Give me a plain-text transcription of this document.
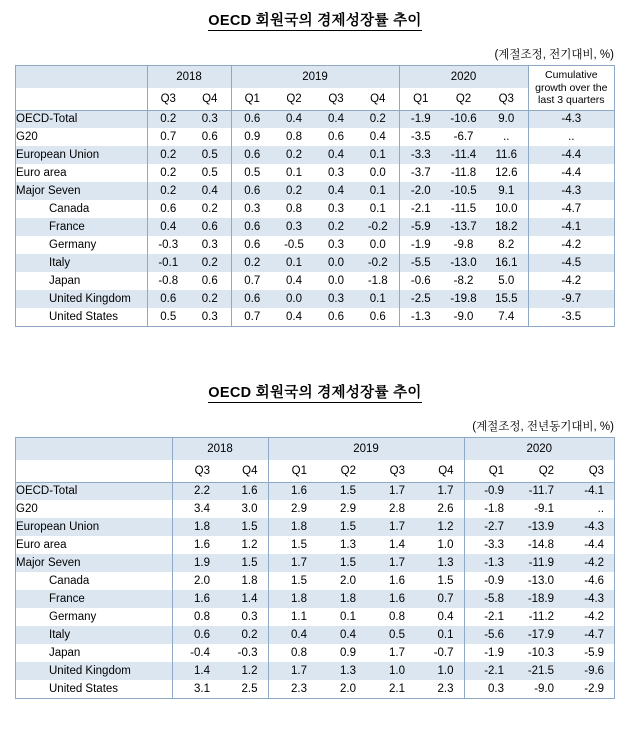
OECD 회원국의 경제성장률 추이
(계절조정, 전기대비, %)
	2018		2019				2020			Cumulative
growth over the
last 3 quarters

	Q3	Q4	Q1	Q2	Q3	Q4	Q1	Q2	Q3	
OECD-Total	0.2	0.3	0.6	0.4	0.4	0.2	-1.9	-10.6	9.0	-4.3
G20	0.7	0.6	0.9	0.8	0.6	0.4	-3.5	-6.7	..	..
European Union	0.2	0.5	0.6	0.2	0.4	0.1	-3.3	-11.4	11.6	-4.4
Euro area	0.2	0.5	0.5	0.1	0.3	0.0	-3.7	-11.8	12.6	-4.4
Major Seven	0.2	0.4	0.6	0.2	0.4	0.1	-2.0	-10.5	9.1	-4.3
Canada	0.6	0.2	0.3	0.8	0.3	0.1	-2.1	-11.5	10.0	-4.7
France	0.4	0.6	0.6	0.3	0.2	-0.2	-5.9	-13.7	18.2	-4.1
Germany	-0.3	0.3	0.6	-0.5	0.3	0.0	-1.9	-9.8	8.2	-4.2
Italy	-0.1	0.2	0.2	0.1	0.0	-0.2	-5.5	-13.0	16.1	-4.5
Japan	-0.8	0.6	0.7	0.4	0.0	-1.8	-0.6	-8.2	5.0	-4.2
United Kingdom	0.6	0.2	0.6	0.0	0.3	0.1	-2.5	-19.8	15.5	-9.7
United States	0.5	0.3	0.7	0.4	0.6	0.6	-1.3	-9.0	7.4	-3.5
OECD 회원국의 경제성장률 추이
(계절조정, 전년동기대비, %)
	2018		2019				2020		
	Q3	Q4	Q1	Q2	Q3	Q4	Q1	Q2	Q3
OECD-Total	2.2	1.6	1.6	1.5	1.7	1.7	-0.9	-11.7	-4.1
G20	3.4	3.0	2.9	2.9	2.8	2.6	-1.8	-9.1	..
European Union	1.8	1.5	1.8	1.5	1.7	1.2	-2.7	-13.9	-4.3
Euro area	1.6	1.2	1.5	1.3	1.4	1.0	-3.3	-14.8	-4.4
Major Seven	1.9	1.5	1.7	1.5	1.7	1.3	-1.3	-11.9	-4.2
Canada	2.0	1.8	1.5	2.0	1.6	1.5	-0.9	-13.0	-4.6
France	1.6	1.4	1.8	1.8	1.6	0.7	-5.8	-18.9	-4.3
Germany	0.8	0.3	1.1	0.1	0.8	0.4	-2.1	-11.2	-4.2
Italy	0.6	0.2	0.4	0.4	0.5	0.1	-5.6	-17.9	-4.7
Japan	-0.4	-0.3	0.8	0.9	1.7	-0.7	-1.9	-10.3	-5.9
United Kingdom	1.4	1.2	1.7	1.3	1.0	1.0	-2.1	-21.5	-9.6
United States	3.1	2.5	2.3	2.0	2.1	2.3	0.3	-9.0	-2.9
